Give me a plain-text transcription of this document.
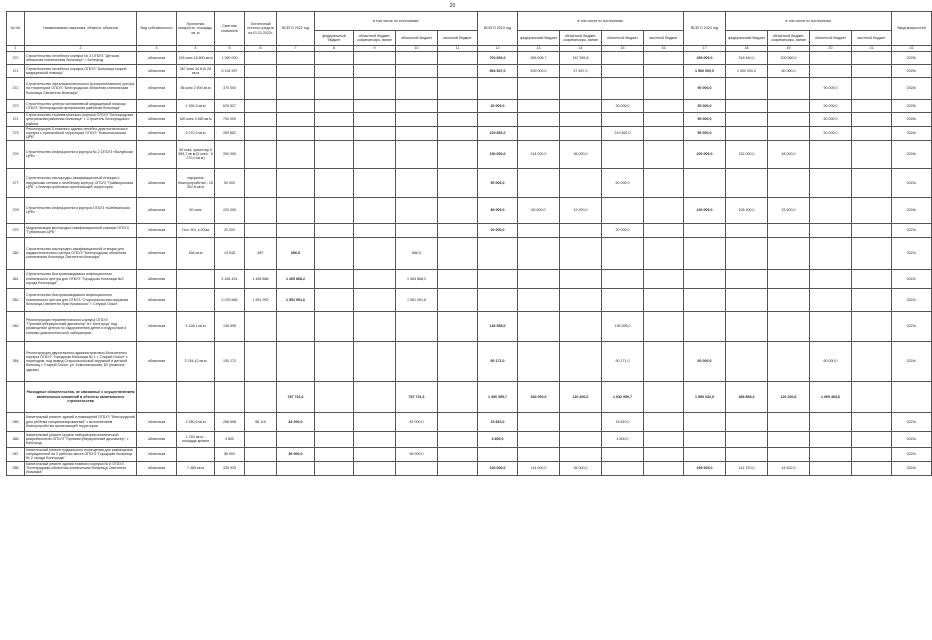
20
№ п/п	Наименование заказчика, объекта, объектов	Вид собственности	Проектная мощность, площадь, кв. м	Сметная стоимость	Остаточный остаток средств на 01.01.2022г.	ВСЕГО 2022 год	в том числе по источникам:				ВСЕГО 2023 год	в том числе по источникам:				ВСЕГО 2024 год	в том числе по источникам:				Ввод мощностей
							федеральный бюджет	областной бюджет, софинансиро- вание	областной бюджет	местный бюджет		федеральный бюджет	областной бюджет, софинансиро- вание	областной бюджет	местный бюджет		федеральный бюджет	областной бюджет, софинансиро- вание	областной бюджет	местный бюджет	
1	2	3	4	5	6	7	8	9	10	11	12	13	14	15	16	17	18	19	20	21	22
370	Строительство лечебного корпуса № 3 ОГБУЗ "Детская областная клиническая больница" г. Белгород	областная	125 коек 18 800 кв.м	1 260 000							700 666,0	558 506,7	187 559,8			459 000,0	318 440,0	200 560,0			2025г.
371	Строительство лечебного корпуса ОГБУЗ "Больница скорой медицинской помощи"	областная	367 коек 34 610,25 кв.м	5 134 997							963 547,0	539 003,0	27 467,0			1 960 000,0	1 500 000,0	60 000,0			2025г.
372	Строительство офтальмологического (консультативного) центра на территории ОГБУЗ "Белгородская областная клиническая больница Святителя Иоасафа"	областная	56 коек 2 500 кв.м	370 000												90 000,0			90 000,0		2025г.
373	Строительство центра паллиативной медицинской помощи ОГБУЗ "Белгородская центральная районная больница"	областная	1 399,3 кв.м	625 527							30 000,0			30 000,0		50 000,0			50 000,0		2025г.
374	Строительство терапевтического корпуса ОГБУЗ "Белгородская центральная районная больница" г. Строитель Белгородского района	областная	160 коек 3 560 кв.м	700 000												50 000,0			50 000,0		2026г.
375	Реконструкция 5-этажного здания лечебно-диагностического корпуса с пристройкой территории ОГБУЗ "Новооскольская ЦРБ"	областная	5 270,3 кв.м	269 852							219 852,0			219 852,0		50 000,0			50 000,0		2024г.
376	Строительство инфекционного корпуса № 2 ОГБУЗ «Валуйская ЦРБ»	областная	35 коек, ориентир 5 955,7 кв.м (5 коек - 6 270,0 кв.м)	350 000							150 000,0	114 000,0	36 000,0			200 000,0	152 000,0	48 000,0			2024г.
377	Строительство кислородно-газификационной станции с наружными сетями к лечебному корпусу ОГБУЗ "Грайворонская ЦРБ" с благоустройством прилегающей территории	областная	наружное благоустройство - 15 302,8 кв.м	50 000							50 000,0			50 000,0							2023г.
378	Строительство инфекционного корпуса ОГБУЗ «Шебекинская ЦРБ»	областная	50 коек	220 000							80 000,0	60 800,0	19 200,0			140 000,0	106 400,0	33 600,0			2024г.
379	Модернизация кислородно-газификационной станции ОГБУЗ "Губкинская ЦРБ"	областная	Пол. б/л, к-200м	20 000							20 000,0			20 000,0							2023г.
380	Строительство кислородно-газификационной станции для кардиологического центра ОГБУЗ "Белгородская областная клиническая больница Святителя Иоасафа"	областная	168 кв.м	13 545	687	686,5			686,5												2022г.
381	Строительство быстровозводимого инфекционного клинического центра для ОГБУЗ "Городская больница №2 города Белгорода"	областная		2 264 424	1 465 868	1 465 868,2			1 465 868,2												2022г.
382	Строительство быстровозводимого инфекционного клинического центра для ОГБУЗ "Старооскольская окружная больница Святителя Луки Крымского" г. Старый Оскол	областная		2 033 666	1 551 992	1 551 991,6			1 551 991,6												2022г.
383	Реконструкция терапевтического корпуса ОГБУЗ "Противотуберкулезный диспансер" в г. Белгород" под размещение центра по оздоровлению детей и подростков и клинико-диагностической лаборатории	областная	4 128,1 кв.м	136 595							136 595,0			136 595,0							2023г.
384	Реконструкция двухэтажного административно-больничного корпуса ОГБУЗ "Городская больница № 1 г. Старый Оскол" с переходом, под вывод Старооскольской окружной и детской больниц г. Старый Оскол, ул. Комсомольская, 83 (нежилое здание)	областная	3 784,42 кв.м	150 172							90 171,0			90 171,0		60 000,0			60 000,0		2024г.
	Расходные обязательства, не связанные с осуществлением капитальных вложений в объекты капитального строительства					787 731,6			787 731,6		1 490 359,7	340 000,0	110 400,0	1 032 959,7		1 580 032,0	389 868,4	126 200,6	1 069 463,0		
385	Капитальный ремонт зданий и помещений ОГБУЗ "Белгородский дом ребёнка специализированный" с выполнением благоустройства прилегающей территории	областная	3 280,6 кв.м	268 598	98 115	82 000,0			82 000,0		15 810,0			15 810,0							2023г.
386	Капитальный ремонт кровли лаборатории клинической микробиологии ОГБУЗ "Противотуберкулезный диспансер", г. Белгород	областная	1 200 кв.м - площадь кровли	4 800							4 800,0			4 800,0							2023г.
387	Капитальный ремонт подвального помещения для размещения операционной на 2 рабочих места ОГБУЗ "Городская больница № 2 города Белгорода"	областная		56 900		56 900,0			56 900,0												2022г.
388	Капитальный ремонт здания главного корпуса № 8 ОГБУЗ "Белгородская областная клиническая больница Святителя Иоасафа"	областная	7 465 кв.м	335 925							140 000,0	114 000,0	36 000,0			195 925,0	141 370,0	44 632,0			2024г.
